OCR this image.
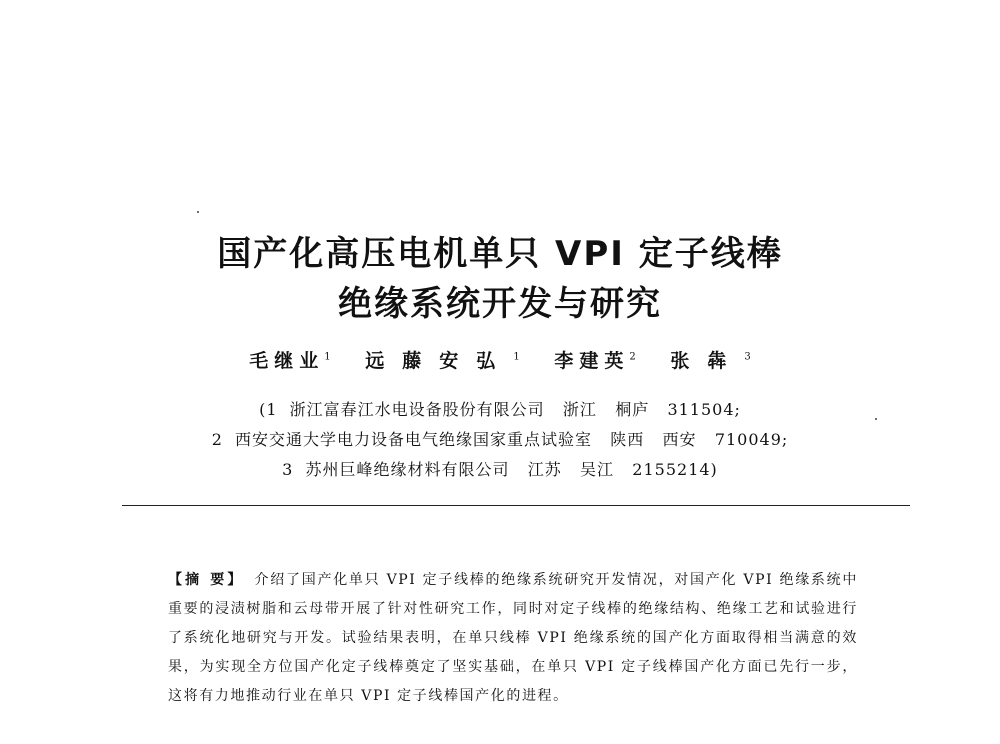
国产化高压电机单只 VPI 定子线棒
绝缘系统开发与研究
毛继业$^1$ 远藤安弘$^1$ 李建英$^2$ 张犇$^3$
(1  浙江富春江水电设备股份有限公司   浙江   桐庐   311504;
2  西安交通大学电力设备电气绝缘国家重点试验室   陕西   西安   710049;
3  苏州巨峰绝缘材料有限公司   江苏   吴江   2155214)
【摘 要】 介绍了国产化单只 VPI 定子线棒的绝缘系统研究开发情况，对国产化 VPI 绝缘系统中重要的浸渍树脂和云母带开展了针对性研究工作，同时对定子线棒的绝缘结构、绝缘工艺和试验进行了系统化地研究与开发。试验结果表明，在单只线棒 VPI 绝缘系统的国产化方面取得相当满意的效果，为实现全方位国产化定子线棒奠定了坚实基础，在单只 VPI 定子线棒国产化方面已先行一步，这将有力地推动行业在单只 VPI 定子线棒国产化的进程。
